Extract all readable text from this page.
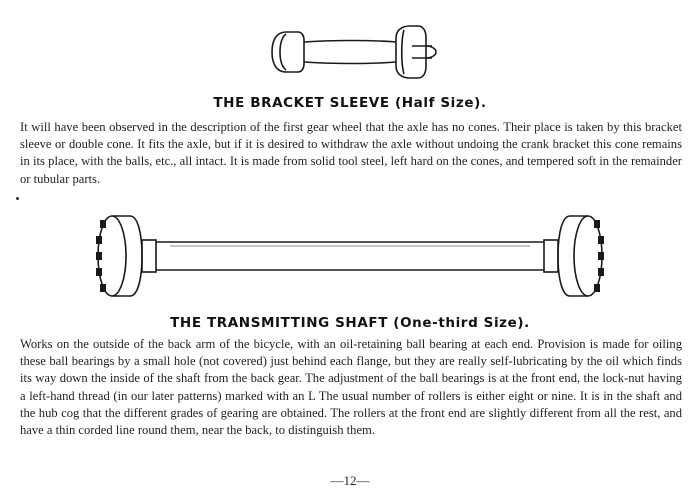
THE BRACKET SLEEVE (Half Size).

It will have been observed in the description of the first gear wheel that the axle has no cones. Their place is taken by this bracket sleeve or double cone. It fits the axle, but if it is desired to withdraw the axle without undoing the crank bracket this cone remains in its place, with the balls, etc., all intact. It is made from solid tool steel, left hard on the cones, and tempered soft in the remainder or tubular parts.

THE TRANSMITTING SHAFT (One-third Size).

Works on the outside of the back arm of the bicycle, with an oil-retaining ball bearing at each end. Provision is made for oiling these ball bearings by a small hole (not covered) just behind each flange, but they are really self-lubricating by the oil which finds its way down the inside of the shaft from the back gear. The adjustment of the ball bearings is at the front end, the lock-nut having a left-hand thread (in our later patterns) marked with an L The usual number of rollers is either eight or nine. It is in the shaft and the hub cog that the different grades of gearing are obtained. The rollers at the front end are slightly different from all the rest, and have a thin corded line round them, near the back, to distinguish them.

—12—
